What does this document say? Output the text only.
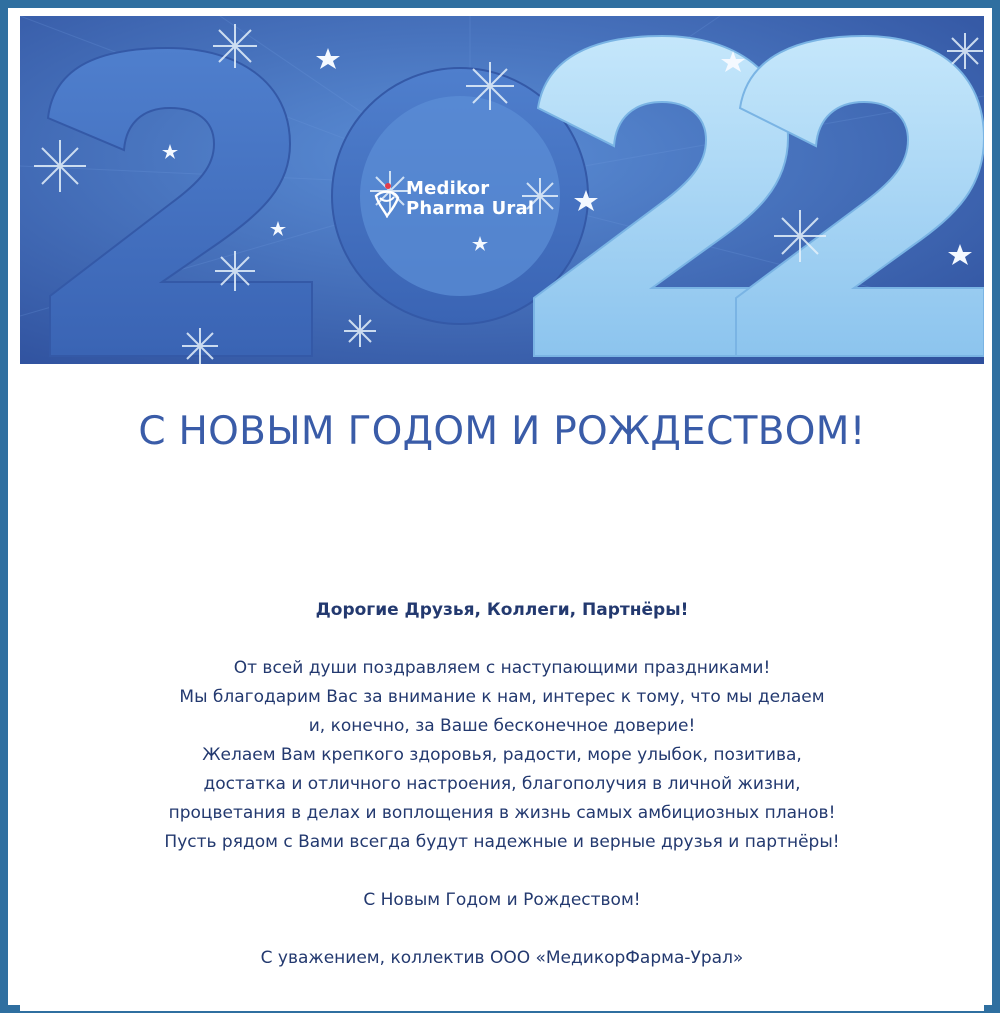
Medikor
Pharma Ural
С НОВЫМ ГОДОМ И РОЖДЕСТВОМ!
Дорогие Друзья, Коллеги, Партнёры!
От всей души поздравляем с наступающими праздниками!
Мы благодарим Вас за внимание к нам, интерес к тому, что мы делаем
и, конечно, за Ваше бесконечное доверие!
Желаем Вам крепкого здоровья, радости, море улыбок, позитива,
достатка и отличного настроения, благополучия в личной жизни,
процветания в делах и воплощения в жизнь самых амбициозных планов!
Пусть рядом с Вами всегда будут надежные и верные друзья и партнёры!
С Новым Годом и Рождеством!
С уважением, коллектив ООО «МедикорФарма-Урал»
